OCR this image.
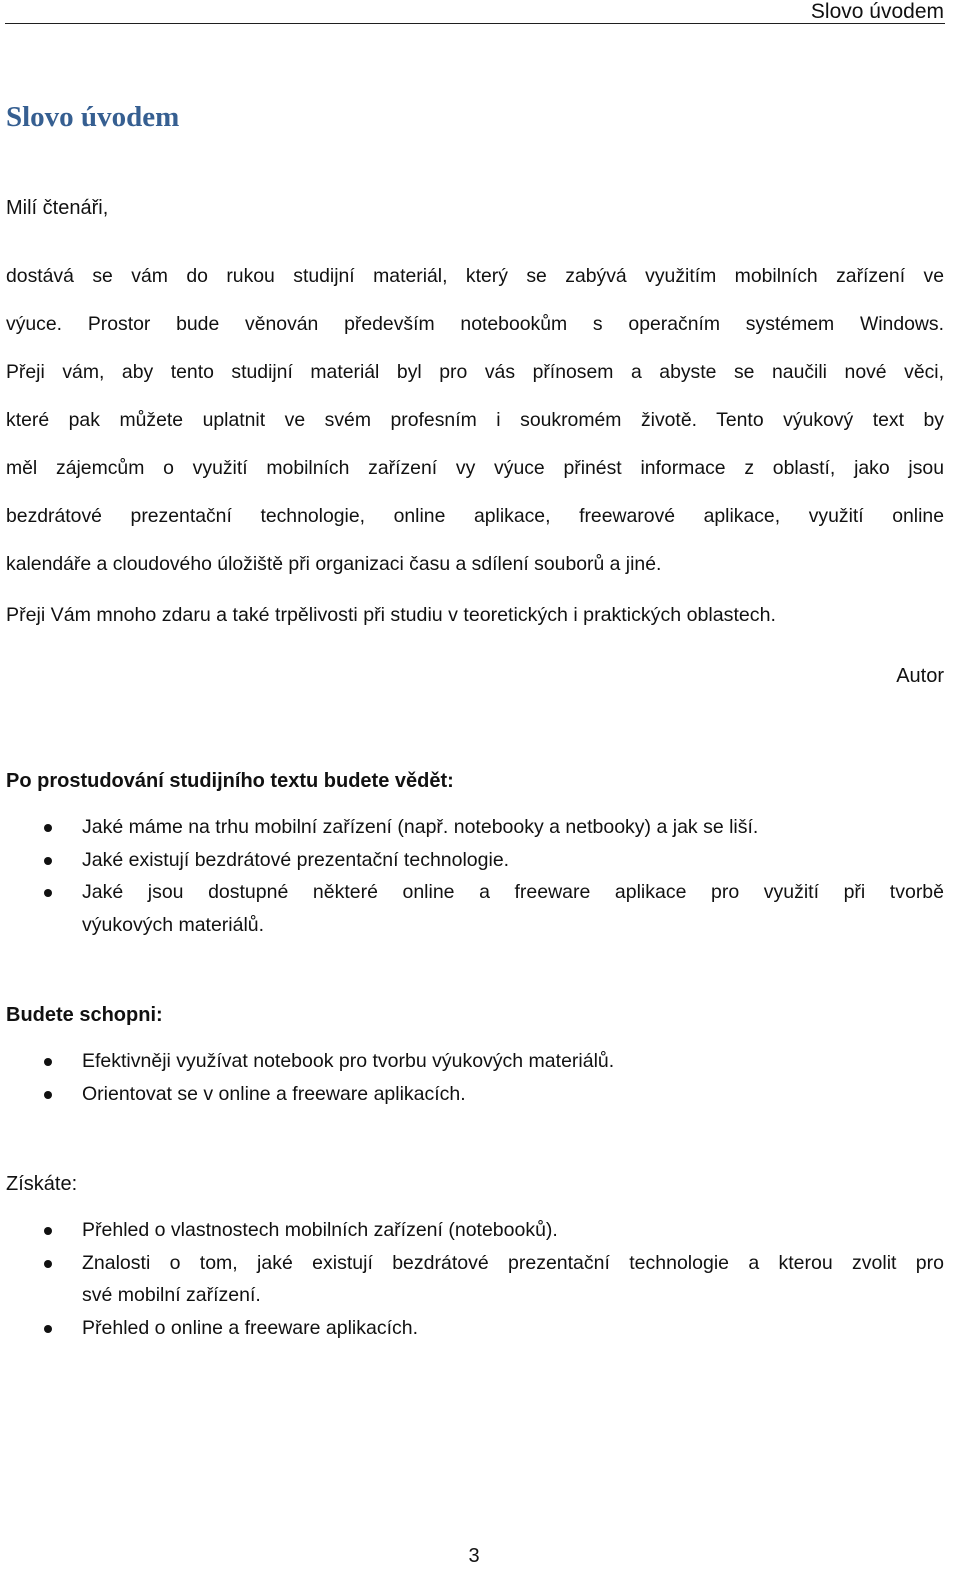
Slovo úvodem
Slovo úvodem

Milí čtenáři,

dostává se vám do rukou studijní materiál, který se zabývá využitím mobilních zařízení ve
výuce. Prostor bude věnován především notebookům s operačním systémem Windows.
Přeji vám, aby tento studijní materiál byl pro vás přínosem a abyste se naučili nové věci,
které pak můžete uplatnit ve svém profesním i soukromém životě. Tento výukový text by
měl zájemcům o využití mobilních zařízení vy výuce přinést informace z oblastí, jako jsou
bezdrátové prezentační technologie, online aplikace, freewarové aplikace, využití online
kalendáře a cloudového úložiště při organizaci času a sdílení souborů a jiné.

Přeji Vám mnoho zdaru a také trpělivosti při studiu v teoretických i praktických oblastech.

Autor

Po prostudování studijního textu budete vědět:
Jaké máme na trhu mobilní zařízení (např. notebooky a netbooky) a jak se liší.
Jaké existují bezdrátové prezentační technologie.
Jaké jsou dostupné některé online a freeware aplikace pro využití při tvorbě
výukových materiálů.
Budete schopni:
Efektivněji využívat notebook pro tvorbu výukových materiálů.
Orientovat se v online a freeware aplikacích.
Získáte:
Přehled o vlastnostech mobilních zařízení (notebooků).
Znalosti o tom, jaké existují bezdrátové prezentační technologie a kterou zvolit pro
své mobilní zařízení.
Přehled o online a freeware aplikacích.
3
